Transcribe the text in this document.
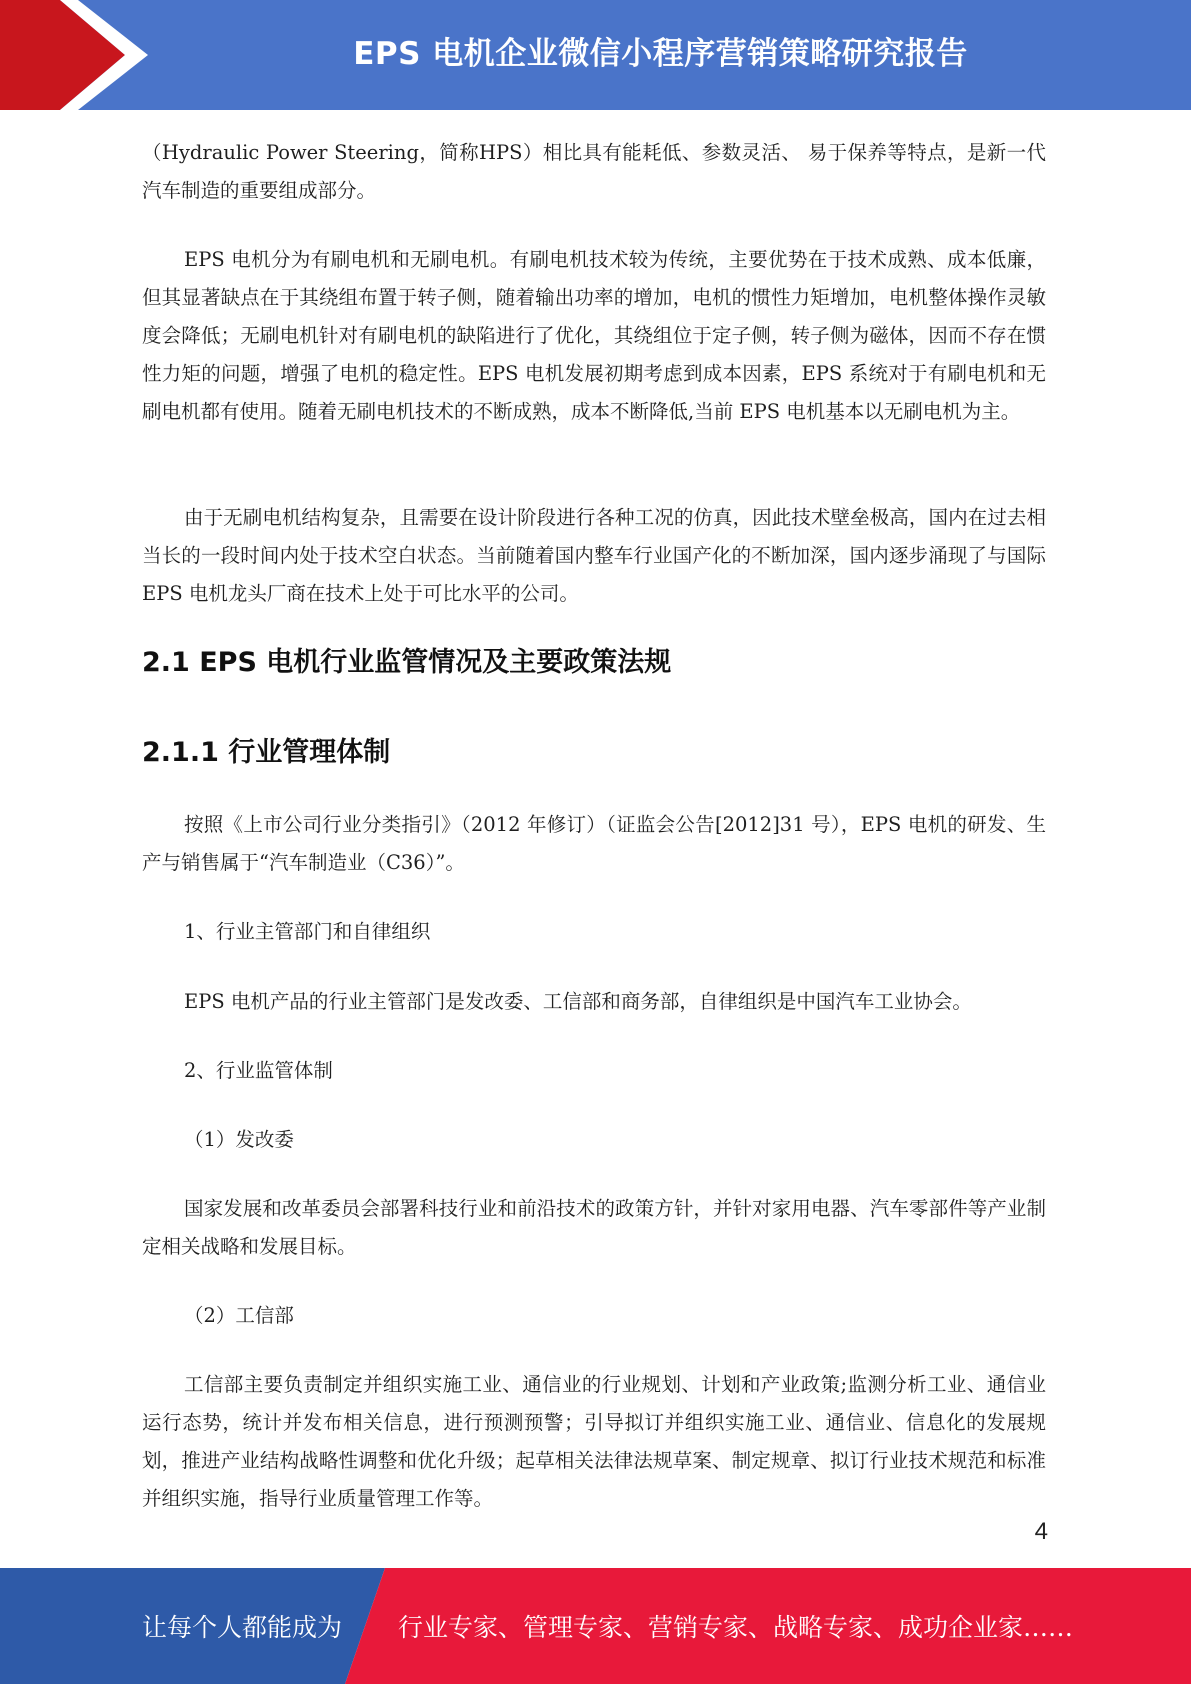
EPS 电机企业微信小程序营销策略研究报告

（Hydraulic Power Steering，简称HPS）相比具有能耗低、参数灵活、 易于保养等特点，是新一代汽车制造的重要组成部分。

EPS 电机分为有刷电机和无刷电机。有刷电机技术较为传统，主要优势在于技术成熟、成本低廉，但其显著缺点在于其绕组布置于转子侧，随着输出功率的增加，电机的惯性力矩增加，电机整体操作灵敏度会降低；无刷电机针对有刷电机的缺陷进行了优化，其绕组位于定子侧，转子侧为磁体，因而不存在惯性力矩的问题，增强了电机的稳定性。EPS 电机发展初期考虑到成本因素，EPS 系统对于有刷电机和无刷电机都有使用。随着无刷电机技术的不断成熟，成本不断降低,当前 EPS 电机基本以无刷电机为主。

由于无刷电机结构复杂，且需要在设计阶段进行各种工况的仿真，因此技术壁垒极高，国内在过去相当长的一段时间内处于技术空白状态。当前随着国内整车行业国产化的不断加深，国内逐步涌现了与国际 EPS 电机龙头厂商在技术上处于可比水平的公司。

2.1 EPS 电机行业监管情况及主要政策法规
2.1.1 行业管理体制

按照《上市公司行业分类指引》（2012 年修订）（证监会公告[2012]31 号），EPS 电机的研发、生产与销售属于“汽车制造业（C36）”。

1、行业主管部门和自律组织

EPS 电机产品的行业主管部门是发改委、工信部和商务部，自律组织是中国汽车工业协会。

2、行业监管体制

（1）发改委

国家发展和改革委员会部署科技行业和前沿技术的政策方针，并针对家用电器、汽车零部件等产业制定相关战略和发展目标。

（2）工信部

工信部主要负责制定并组织实施工业、通信业的行业规划、计划和产业政策;监测分析工业、通信业运行态势，统计并发布相关信息，进行预测预警；引导拟订并组织实施工业、通信业、信息化的发展规划，推进产业结构战略性调整和优化升级；起草相关法律法规草案、制定规章、拟订行业技术规范和标准并组织实施，指导行业质量管理工作等。

4
让每个人都能成为 行业专家、管理专家、营销专家、战略专家、成功企业家……
